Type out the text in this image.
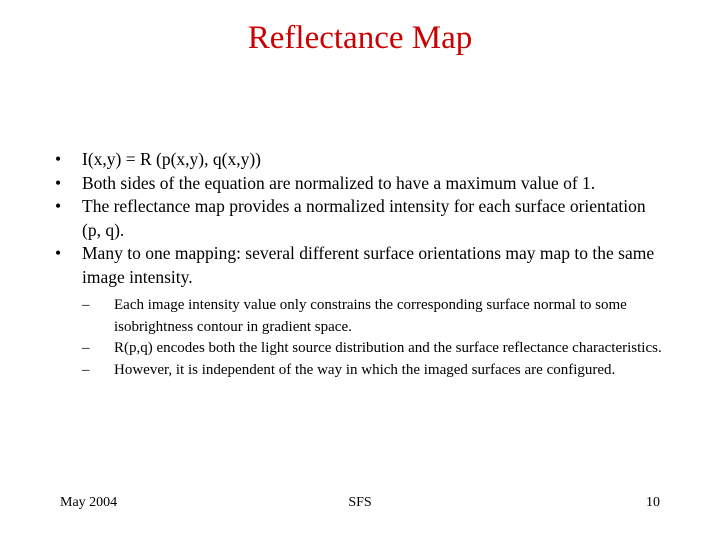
Reflectance Map
• I(x,y) = R (p(x,y), q(x,y))
• Both sides of the equation are normalized to have a maximum value of 1.
• The reflectance map provides a normalized intensity for each surface orientation (p, q).
• Many to one mapping: several different surface orientations may map to the same image intensity.
– Each image intensity value only constrains the corresponding surface normal to some isobrightness contour in gradient space.
– R(p,q) encodes both the light source distribution and the surface reflectance characteristics.
– However, it is independent of the way in which the imaged surfaces are configured.
May 2004	SFS	10
